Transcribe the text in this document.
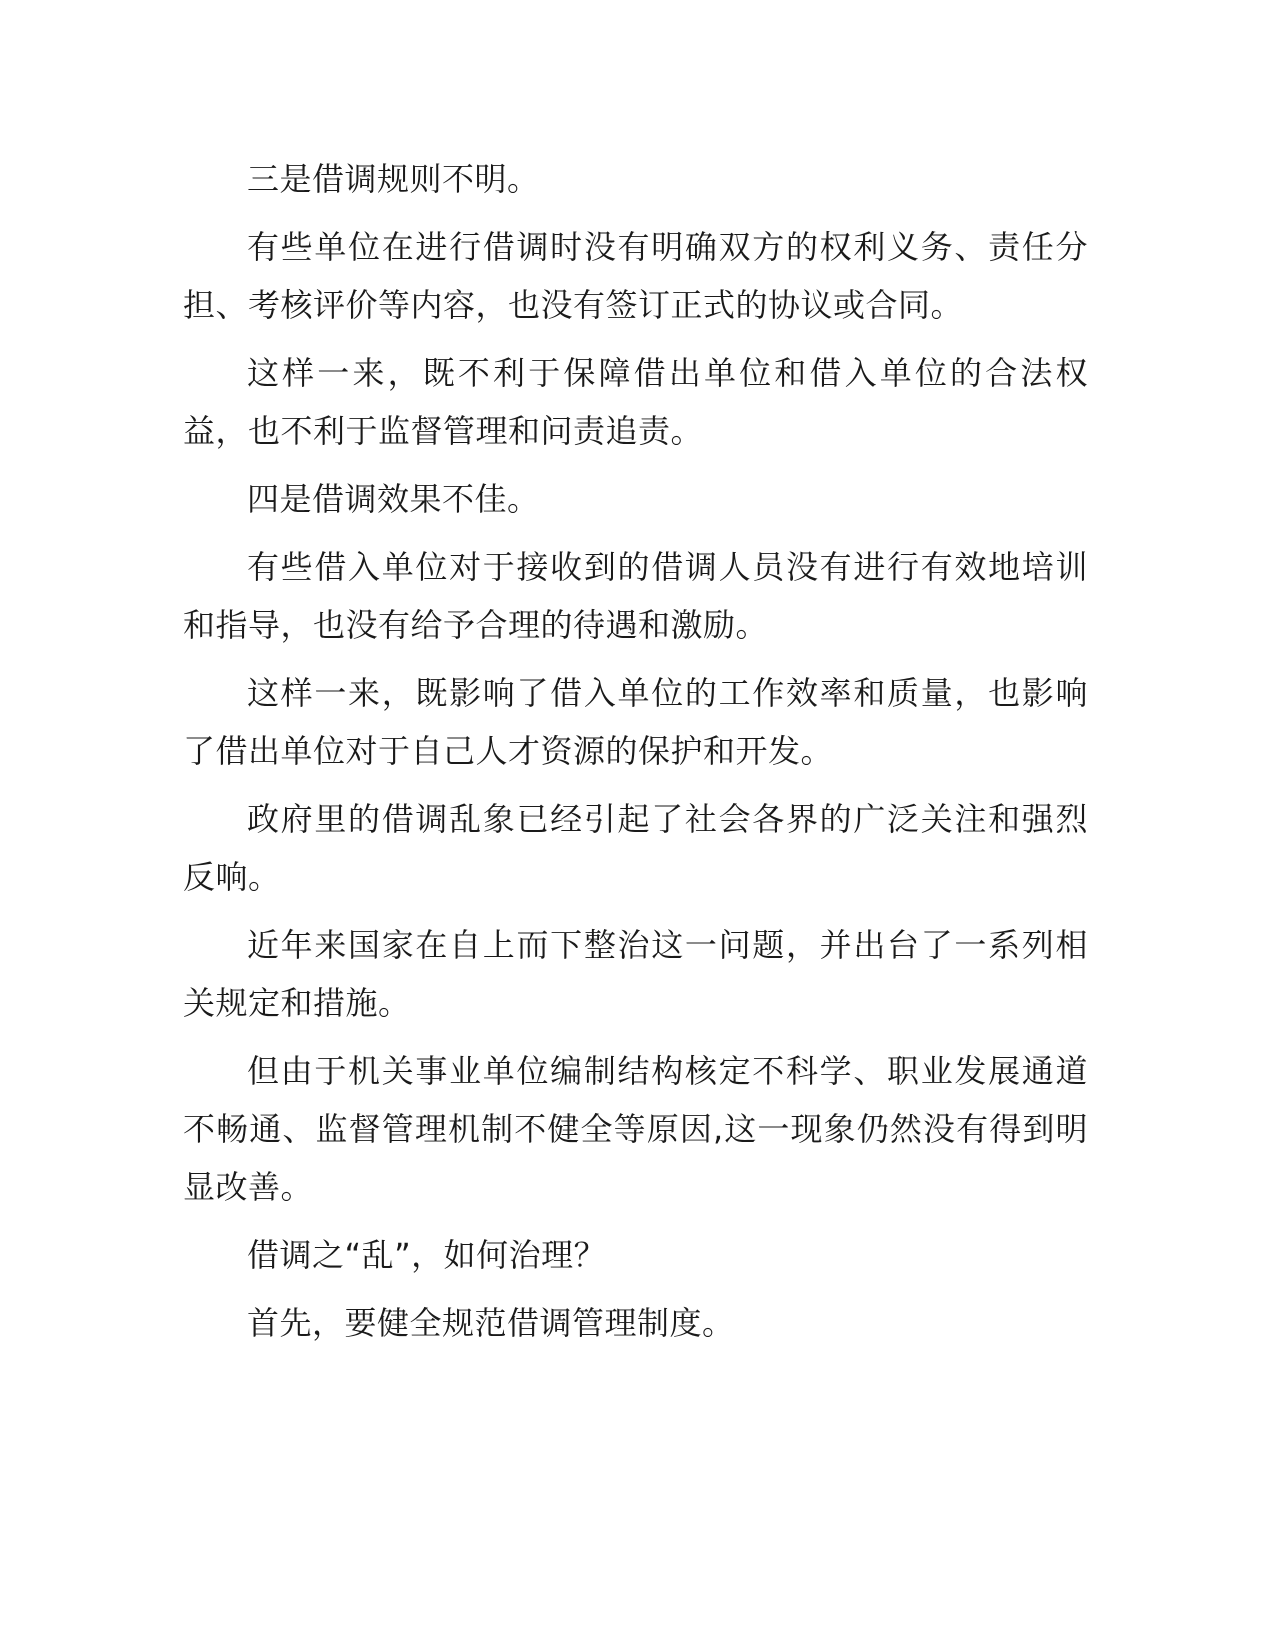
三是借调规则不明。

有些单位在进行借调时没有明确双方的权利义务、责任分担、考核评价等内容，也没有签订正式的协议或合同。

这样一来，既不利于保障借出单位和借入单位的合法权益，也不利于监督管理和问责追责。

四是借调效果不佳。

有些借入单位对于接收到的借调人员没有进行有效地培训和指导，也没有给予合理的待遇和激励。

这样一来，既影响了借入单位的工作效率和质量，也影响了借出单位对于自己人才资源的保护和开发。

政府里的借调乱象已经引起了社会各界的广泛关注和强烈反响。

近年来国家在自上而下整治这一问题，并出台了一系列相关规定和措施。

但由于机关事业单位编制结构核定不科学、职业发展通道不畅通、监督管理机制不健全等原因,这一现象仍然没有得到明显改善。

借调之“乱”，如何治理？

首先，要健全规范借调管理制度。
